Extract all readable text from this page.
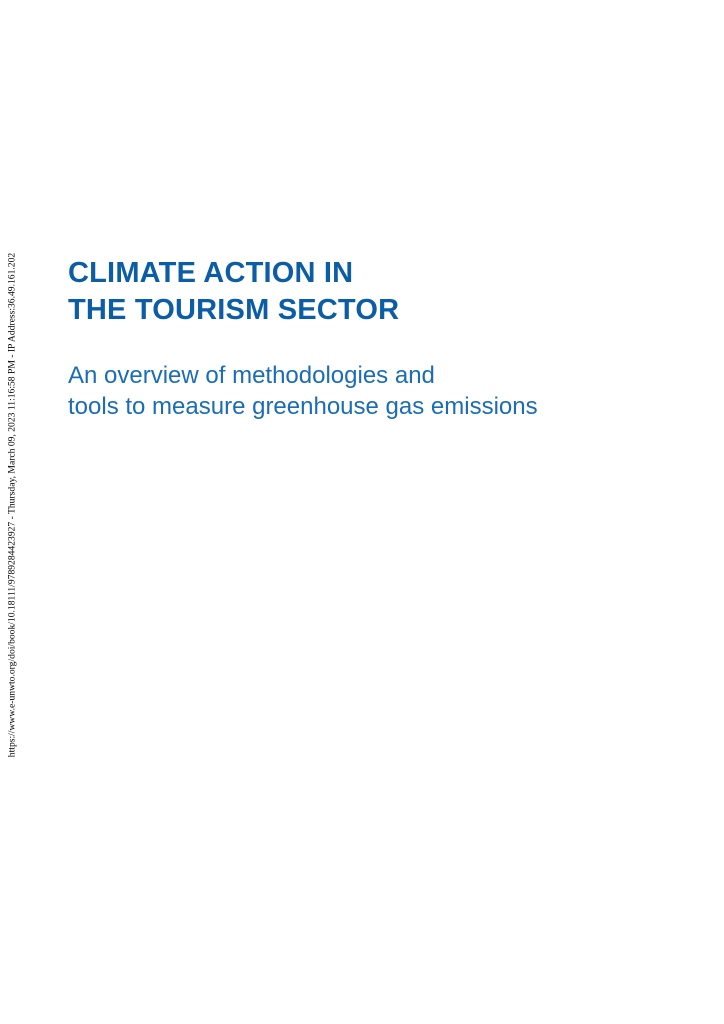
https://www.e-unwto.org/doi/book/10.18111/9789284423927 - Thursday, March 09, 2023 11:16:58 PM - IP Address:36.49.161.202 CLIMATE ACTION IN
THE TOURISM SECTOR
An overview of methodologies and
tools to measure greenhouse gas emissions
